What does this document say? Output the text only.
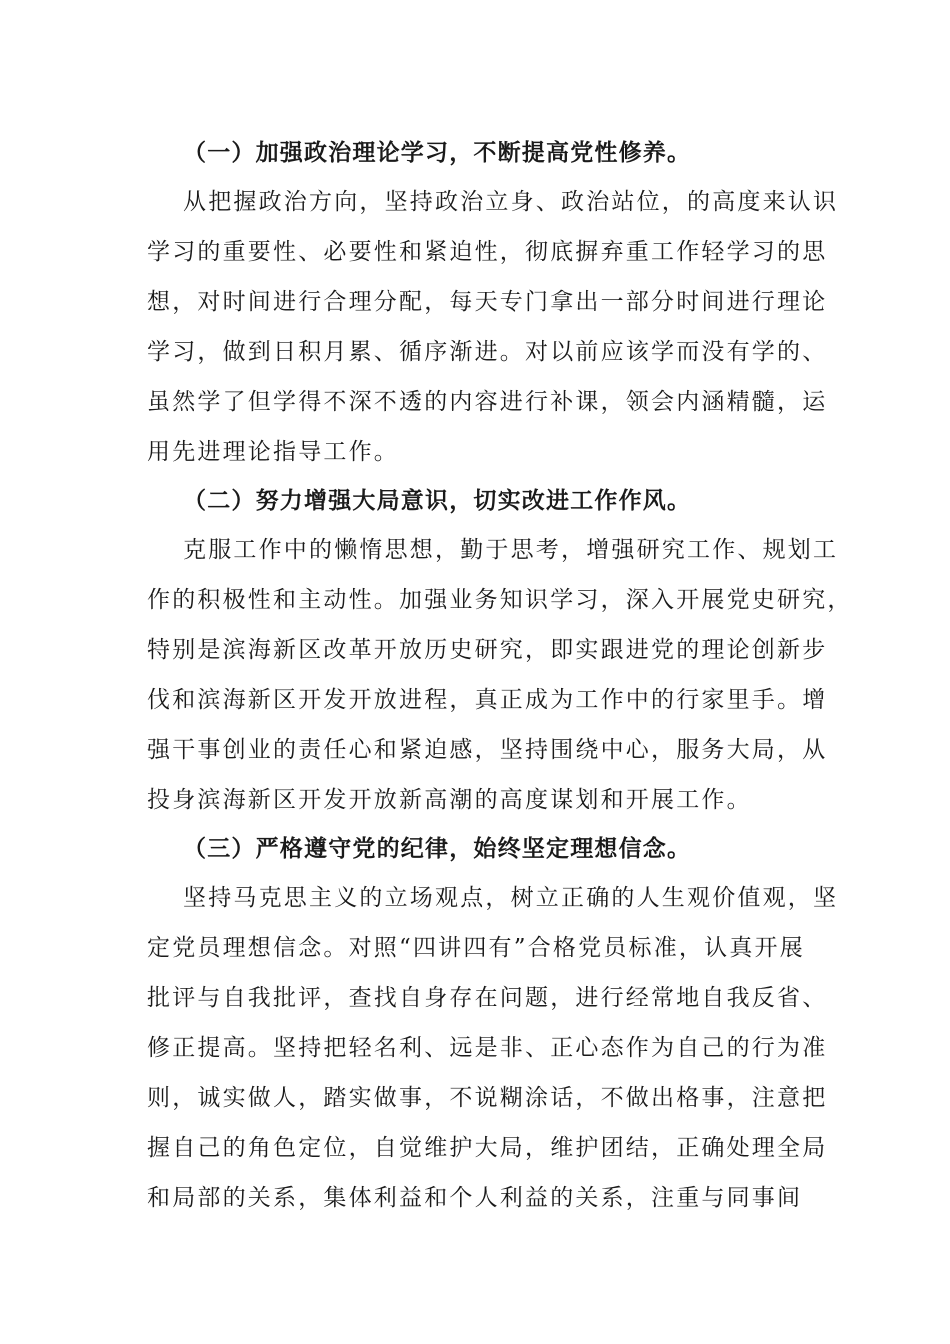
（一）加强政治理论学习，不断提高党性修养。
从把握政治方向，坚持政治立身、政治站位，的高度来认识
学习的重要性、必要性和紧迫性，彻底摒弃重工作轻学习的思
想，对时间进行合理分配，每天专门拿出一部分时间进行理论
学习，做到日积月累、循序渐进。对以前应该学而没有学的、
虽然学了但学得不深不透的内容进行补课，领会内涵精髓，运
用先进理论指导工作。
（二）努力增强大局意识，切实改进工作作风。
克服工作中的懒惰思想，勤于思考，增强研究工作、规划工
作的积极性和主动性。加强业务知识学习，深入开展党史研究，
特别是滨海新区改革开放历史研究，即实跟进党的理论创新步
伐和滨海新区开发开放进程，真正成为工作中的行家里手。增
强干事创业的责任心和紧迫感，坚持围绕中心，服务大局，从
投身滨海新区开发开放新高潮的高度谋划和开展工作。
（三）严格遵守党的纪律，始终坚定理想信念。
坚持马克思主义的立场观点，树立正确的人生观价值观，坚
定党员理想信念。对照“四讲四有”合格党员标准，认真开展
批评与自我批评，查找自身存在问题，进行经常地自我反省、
修正提高。坚持把轻名利、远是非、正心态作为自己的行为准
则，诚实做人，踏实做事，不说糊涂话，不做出格事，注意把
握自己的角色定位，自觉维护大局，维护团结，正确处理全局
和局部的关系，集体利益和个人利益的关系，注重与同事间
